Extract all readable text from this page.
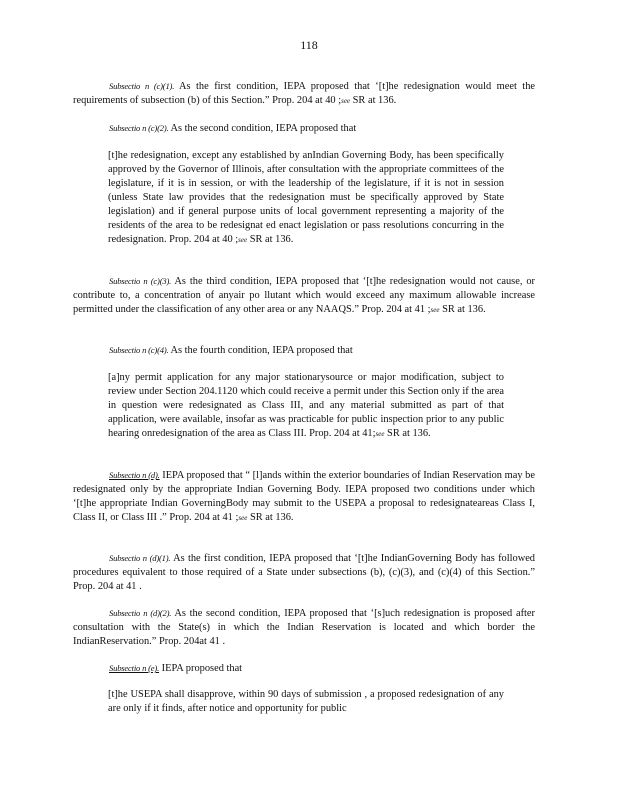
118

Subsectio n (c)(1). As the first condition, IEPA proposed that ‘[t]he redesignation would meet the requirements of subsection (b) of this Section.” Prop. 204 at 40 ;see SR at 136.

Subsectio n (c)(2). As the second condition, IEPA proposed that

[t]he redesignation, except any established by anIndian Governing Body, has been specifically approved by the Governor of Illinois, after consultation with the appropriate committees of the legislature, if it is in session, or with the leadership of the legislature, if it is not in session (unless State law provides that the redesignation must be specifically approved by State legislation) and if general purpose units of local government representing a majority of the residents of the area to be redesignat ed enact legislation or pass resolutions concurring in the redesignation. Prop. 204 at 40 ;see SR at 136.

Subsectio n (c)(3). As the third condition, IEPA proposed that ‘[t]he redesignation would not cause, or contribute to, a concentration of anyair po llutant which would exceed any maximum allowable increase permitted under the classification of any other area or any NAAQS.” Prop. 204 at 41 ;see SR at 136.

Subsectio n (c)(4). As the fourth condition, IEPA proposed that

[a]ny permit application for any major stationarysource or major modification, subject to review under Section 204.1120 which could receive a permit under this Section only if the area in question were redesignated as Class III, and any material submitted as part of that application, were available, insofar as was practicable for public inspection prior to any public hearing onredesignation of the area as Class III. Prop. 204 at 41;see SR at 136.

Subsectio n (d). IEPA proposed that “ [l]ands within the exterior boundaries of Indian Reservation may be redesignated only by the appropriate Indian Governing Body. IEPA proposed two conditions under which ‘[t]he appropriate Indian GoverningBody may submit to the USEPA a proposal to redesignateareas Class I, Class II, or Class III .” Prop. 204 at 41 ;see SR at 136.

Subsectio n (d)(1). As the first condition, IEPA proposed that ‘[t]he IndianGoverning Body has followed procedures equivalent to those required of a State under subsections (b), (c)(3), and (c)(4) of this Section.” Prop. 204 at 41 .

Subsectio n (d)(2). As the second condition, IEPA proposed that ‘[s]uch redesignation is proposed after consultation with the State(s) in which the Indian Reservation is located and which border the IndianReservation.” Prop. 204at 41 .

Subsectio n (e). IEPA proposed that

[t]he USEPA shall disapprove, within 90 days of submission , a proposed redesignation of any are only if it finds, after notice and opportunity for public
